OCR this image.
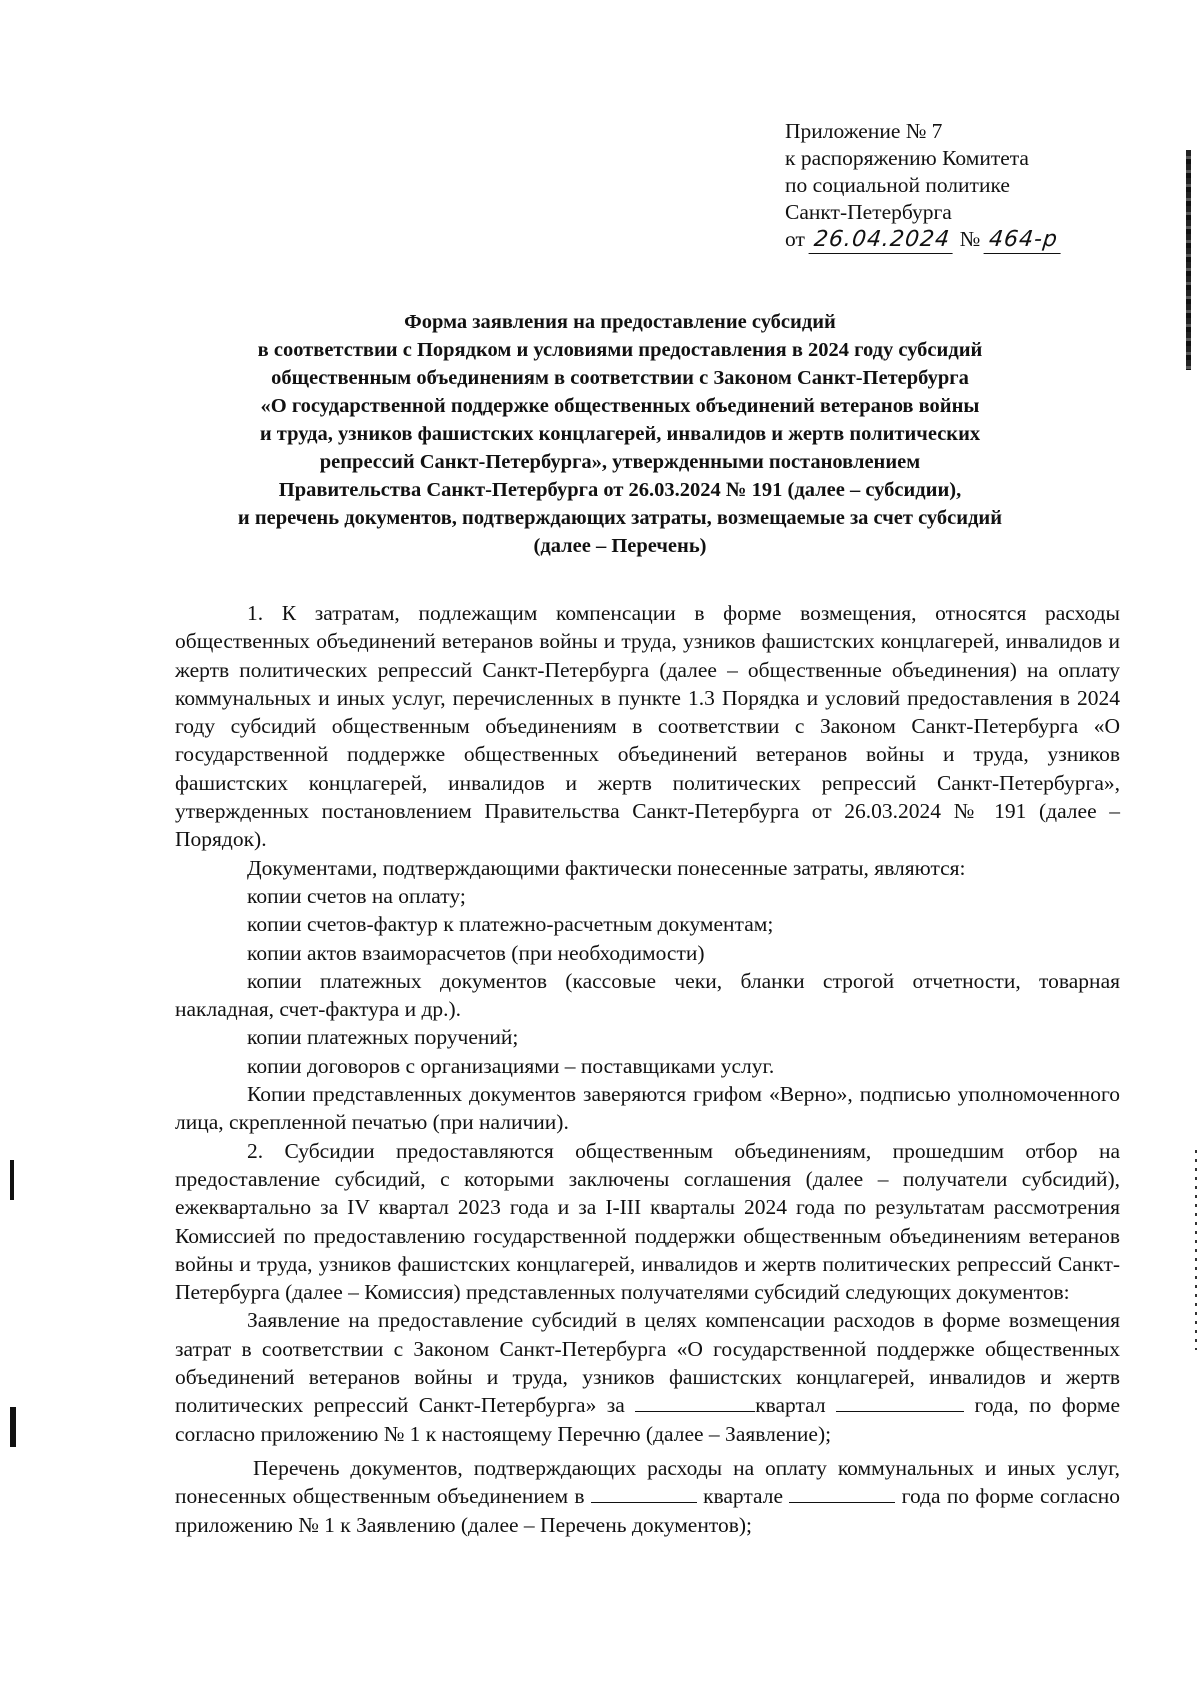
Приложение № 7
к распоряжению Комитета
по социальной политике
Санкт-Петербурга
от 26.04.2024 № 464-р
Форма заявления на предоставление субсидий
в соответствии с Порядком и условиями предоставления в 2024 году субсидий
общественным объединениям в соответствии с Законом Санкт-Петербурга
«О государственной поддержке общественных объединений ветеранов войны
и труда, узников фашистских концлагерей, инвалидов и жертв политических
репрессий Санкт-Петербурга», утвержденными постановлением
Правительства Санкт-Петербурга от 26.03.2024 № 191 (далее – субсидии),
и перечень документов, подтверждающих затраты, возмещаемые за счет субсидий
(далее – Перечень)

1. К затратам, подлежащим компенсации в форме возмещения, относятся расходы общественных объединений ветеранов войны и труда, узников фашистских концлагерей, инвалидов и жертв политических репрессий Санкт-Петербурга (далее – общественные объединения) на оплату коммунальных и иных услуг, перечисленных в пункте 1.3 Порядка и условий предоставления в 2024 году субсидий общественным объединениям в соответствии с Законом Санкт-Петербурга «О государственной поддержке общественных объединений ветеранов войны и труда, узников фашистских концлагерей, инвалидов и жертв политических репрессий Санкт-Петербурга», утвержденных постановлением Правительства Санкт-Петербурга от 26.03.2024 № 191 (далее – Порядок).

Документами, подтверждающими фактически понесенные затраты, являются:

копии счетов на оплату;

копии счетов-фактур к платежно-расчетным документам;

копии актов взаиморасчетов (при необходимости)

копии платежных документов (кассовые чеки, бланки строгой отчетности, товарная накладная, счет-фактура и др.).

копии платежных поручений;

копии договоров с организациями – поставщиками услуг.

Копии представленных документов заверяются грифом «Верно», подписью уполномоченного лица, скрепленной печатью (при наличии).

2. Субсидии предоставляются общественным объединениям, прошедшим отбор на предоставление субсидий, с которыми заключены соглашения (далее – получатели субсидий), ежеквартально за IV квартал 2023 года и за I-III кварталы 2024 года по результатам рассмотрения Комиссией по предоставлению государственной поддержки общественным объединениям ветеранов войны и труда, узников фашистских концлагерей, инвалидов и жертв политических репрессий Санкт-Петербурга (далее – Комиссия) представленных получателями субсидий следующих документов:

Заявление на предоставление субсидий в целях компенсации расходов в форме возмещения затрат в соответствии с Законом Санкт-Петербурга «О государственной поддержке общественных объединений ветеранов войны и труда, узников фашистских концлагерей, инвалидов и жертв политических репрессий Санкт-Петербурга» за	квартал	года, по форме согласно приложению № 1 к настоящему Перечню (далее – Заявление);

Перечень документов, подтверждающих расходы на оплату коммунальных и иных услуг, понесенных общественным объединением в	квартале	года по форме согласно приложению № 1 к Заявлению (далее – Перечень документов);
